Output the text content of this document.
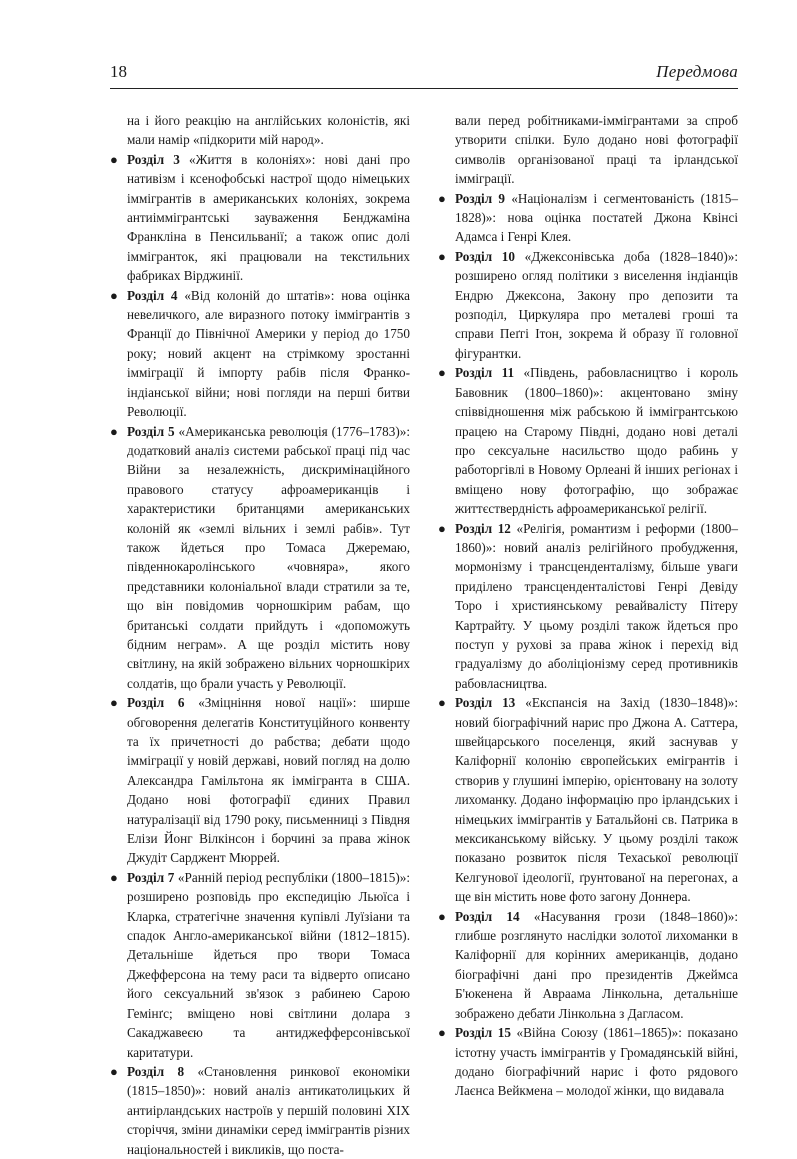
18	Передмова

на і його реакцію на англійських колоністів, які мали намір «підкорити мій народ».

● Розділ 3 «Життя в колоніях»: нові дані про нативізм і ксенофобські настрої щодо німецьких іммігрантів в американських колоніях, зокрема антиіммігрантські зауваження Бенджаміна Франкліна в Пенсильванії; а також опис долі іммігранток, які працювали на текстильних фабриках Вірджинії.

● Розділ 4 «Від колоній до штатів»: нова оцінка невеличкого, але виразного потоку іммігрантів з Франції до Північної Америки у період до 1750 року; новий акцент на стрімкому зростанні імміграції й імпорту рабів після Франко-індіанської війни; нові погляди на перші битви Революції.

● Розділ 5 «Американська революція (1776–1783)»: додатковий аналіз системи рабської праці під час Війни за незалежність, дискримінаційного правового статусу афроамериканців і характеристики британцями американських колоній як «землі вільних і землі рабів». Тут також йдеться про Томаса Джеремаю, південнокаролінського «човняра», якого представники колоніальної влади стратили за те, що він повідомив чорношкірим рабам, що британські солдати прийдуть і «допоможуть бідним неграм». А ще розділ містить нову світлину, на якій зображено вільних чорношкірих солдатів, що брали участь у Революції.

● Розділ 6 «Зміцніння нової нації»: ширше обговорення делегатів Конституційного конвенту та їх причетності до рабства; дебати щодо імміграції у новій державі, новий погляд на долю Александра Гамільтона як іммігранта в США. Додано нові фотографії єдиних Правил натуралізації від 1790 року, письменниці з Півдня Елізи Йонг Вілкінсон і борчині за права жінок Джудіт Сарджент Мюррей.

● Розділ 7 «Ранній період республіки (1800–1815)»: розширено розповідь про експедицію Льюїса і Кларка, стратегічне значення купівлі Луїзіани та спадок Англо-американської війни (1812–1815). Детальніше йдеться про твори Томаса Джефферсона на тему раси та відверто описано його сексуальний зв'язок з рабинею Сарою Гемінґс; вміщено нові світлини долара з Сакаджавеєю та антиджефферсонівської каритатури.

● Розділ 8 «Становлення ринкової економіки (1815–1850)»: новий аналіз антикатолицьких й антиірландських настроїв у першій половині XIX сторіччя, зміни динаміки серед іммігрантів різних національностей і викликів, що поста-

вали перед робітниками-іммігрантами за спроб утворити спілки. Було додано нові фотографії символів організованої праці та ірландської імміграції.

● Розділ 9 «Націоналізм і сегментованість (1815–1828)»: нова оцінка постатей Джона Квінсі Адамса і Генрі Клея.

● Розділ 10 «Джексонівська доба (1828–1840)»: розширено огляд політики з виселення індіанців Ендрю Джексона, Закону про депозити та розподіл, Циркуляра про металеві гроші та справи Пеґгі Ітон, зокрема й образу її головної фігурантки.

● Розділ 11 «Південь, рабовласництво і король Бавовник (1800–1860)»: акцентовано зміну співвідношення між рабською й іммігрантською працею на Старому Півдні, додано нові деталі про сексуальне насильство щодо рабинь у работоргівлі в Новому Орлеані й інших регіонах і вміщено нову фотографію, що зображає життєствердність афроамериканської релігії.

● Розділ 12 «Релігія, романтизм і реформи (1800–1860)»: новий аналіз релігійного пробудження, мормонізму і трансценденталізму, більше уваги приділено трансценденталістові Генрі Девіду Торо і християнському ревайвалісту Пітеру Картрайту. У цьому розділі також йдеться про поступ у рухові за права жінок і перехід від градуалізму до аболіціонізму серед противників рабовласництва.

● Розділ 13 «Експансія на Захід (1830–1848)»: новий біографічний нарис про Джона А. Саттера, швейцарського поселенця, який заснував у Каліфорнії колонію європейських емігрантів і створив у глушині імперію, орієнтовану на золоту лихоманку. Додано інформацію про ірландських і німецьких іммігрантів у Батальйоні св. Патрика в мексиканському війську. У цьому розділі також показано розвиток після Техаської революції Келгунової ідеології, ґрунтованої на перегонах, а ще він містить нове фото загону Доннера.

● Розділ 14 «Насування грози (1848–1860)»: глибше розглянуто наслідки золотої лихоманки в Каліфорнії для корінних американців, додано біографічні дані про президентів Джеймса Б'юкенена й Авраама Лінкольна, детальніше зображено дебати Лінкольна з Дагласом.

● Розділ 15 «Війна Союзу (1861–1865)»: показано істотну участь іммігрантів у Громадянській війні, додано біографічний нарис і фото рядового Лаєнса Вейкмена – молодої жінки, що видавала
